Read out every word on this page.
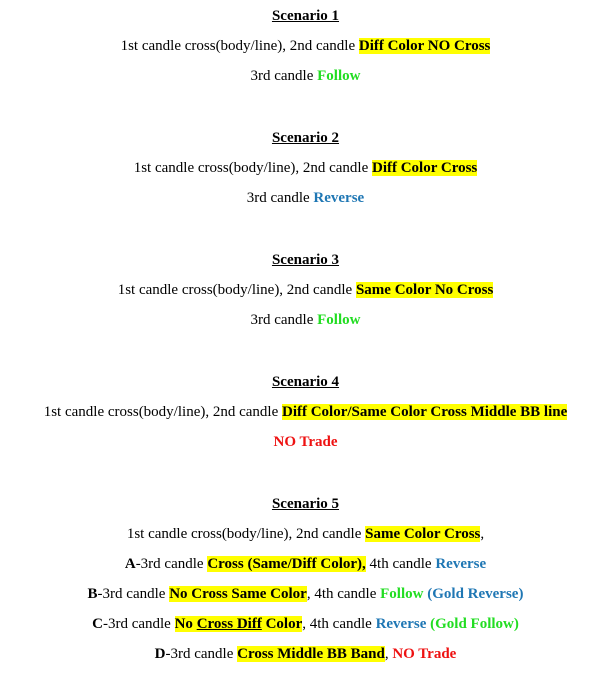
Scenario 1
1st candle cross(body/line), 2nd candle Diff Color NO Cross
3rd candle Follow
Scenario 2
1st candle cross(body/line), 2nd candle Diff Color Cross
3rd candle Reverse
Scenario 3
1st candle cross(body/line), 2nd candle Same Color No Cross
3rd candle Follow
Scenario 4
1st candle cross(body/line), 2nd candle Diff Color/Same Color Cross Middle BB line
NO Trade
Scenario 5
1st candle cross(body/line), 2nd candle Same Color Cross,
A-3rd candle Cross (Same/Diff Color), 4th candle Reverse
B-3rd candle No Cross Same Color, 4th candle Follow (Gold Reverse)
C-3rd candle No Cross Diff Color, 4th candle Reverse (Gold Follow)
D-3rd candle Cross Middle BB Band, NO Trade
